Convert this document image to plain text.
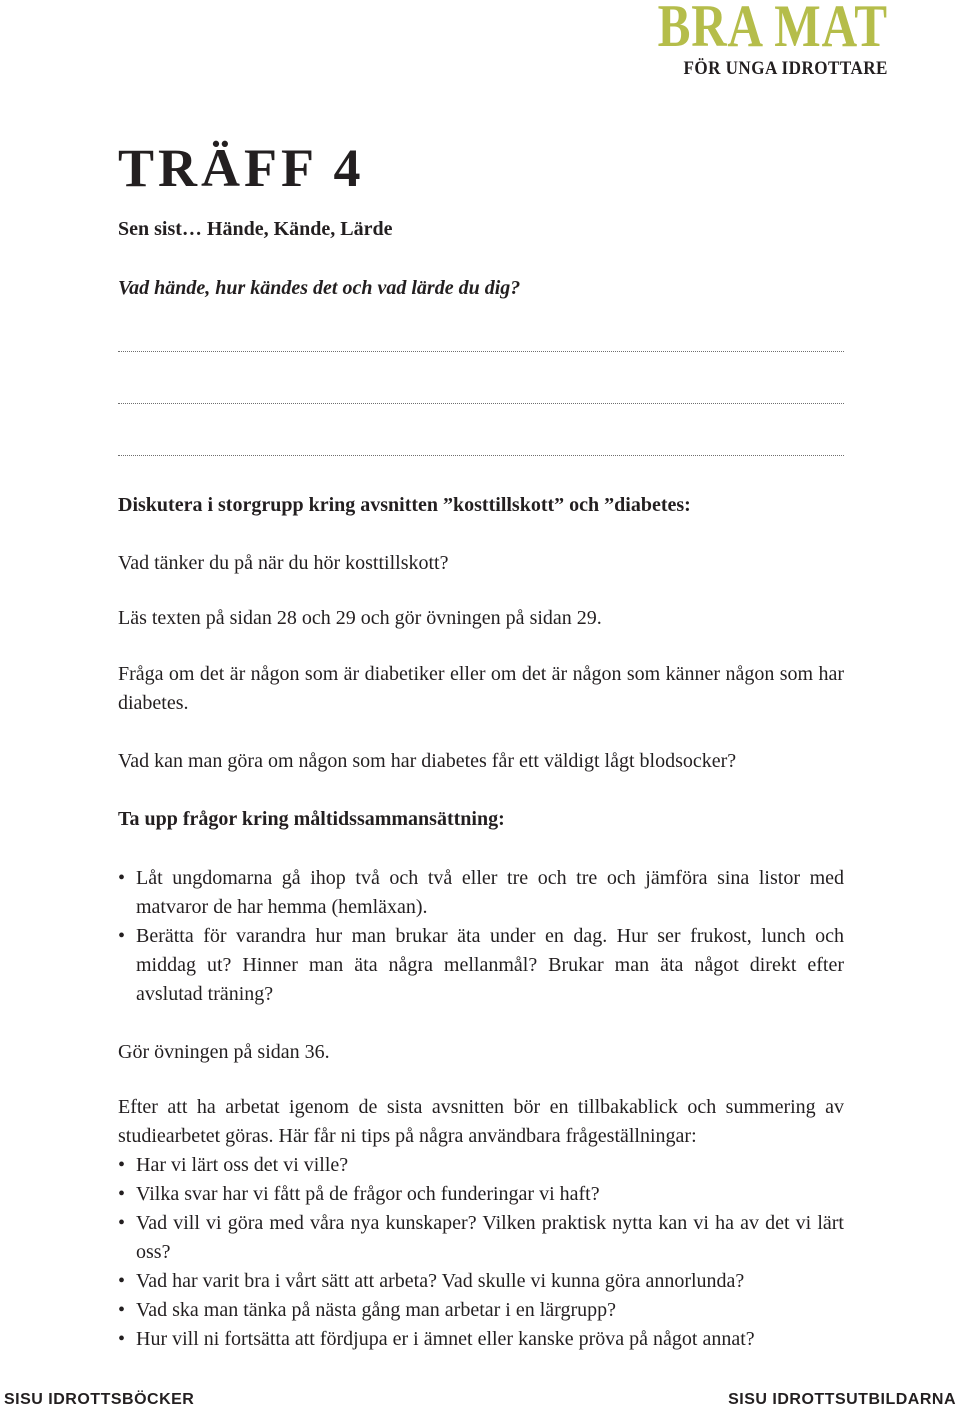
BRA MAT
FÖR UNGA IDROTTARE
TRÄFF 4

Sen sist… Hände, Kände, Lärde

Vad hände, hur kändes det och vad lärde du dig?

Diskutera i storgrupp kring avsnitten ”kosttillskott” och ”diabetes:

Vad tänker du på när du hör kosttillskott?

Läs texten på sidan 28 och 29 och gör övningen på sidan 29.

Fråga om det är någon som är diabetiker eller om det är någon som känner någon som har diabetes.

Vad kan man göra om någon som har diabetes får ett väldigt lågt blodsocker?

Ta upp frågor kring måltidssammansättning:

• Låt ungdomarna gå ihop två och två eller tre och tre och jämföra sina listor med matvaror de har hemma (hemläxan).
• Berätta för varandra hur man brukar äta under en dag. Hur ser frukost, lunch och middag ut? Hinner man äta några mellanmål? Brukar man äta något direkt efter avslutad träning?

Gör övningen på sidan 36.

Efter att ha arbetat igenom de sista avsnitten bör en tillbakablick och summering av studiearbetet göras. Här får ni tips på några användbara frågeställningar:

• Har vi lärt oss det vi ville?
• Vilka svar har vi fått på de frågor och funderingar vi haft?
• Vad vill vi göra med våra nya kunskaper? Vilken praktisk nytta kan vi ha av det vi lärt oss?
• Vad har varit bra i vårt sätt att arbeta? Vad skulle vi kunna göra annorlunda?
• Vad ska man tänka på nästa gång man arbetar i en lärgrupp?
• Hur vill ni fortsätta att fördjupa er i ämnet eller kanske pröva på något annat?
SISU IDROTTSBÖCKER	SISU IDROTTSUTBILDARNA
